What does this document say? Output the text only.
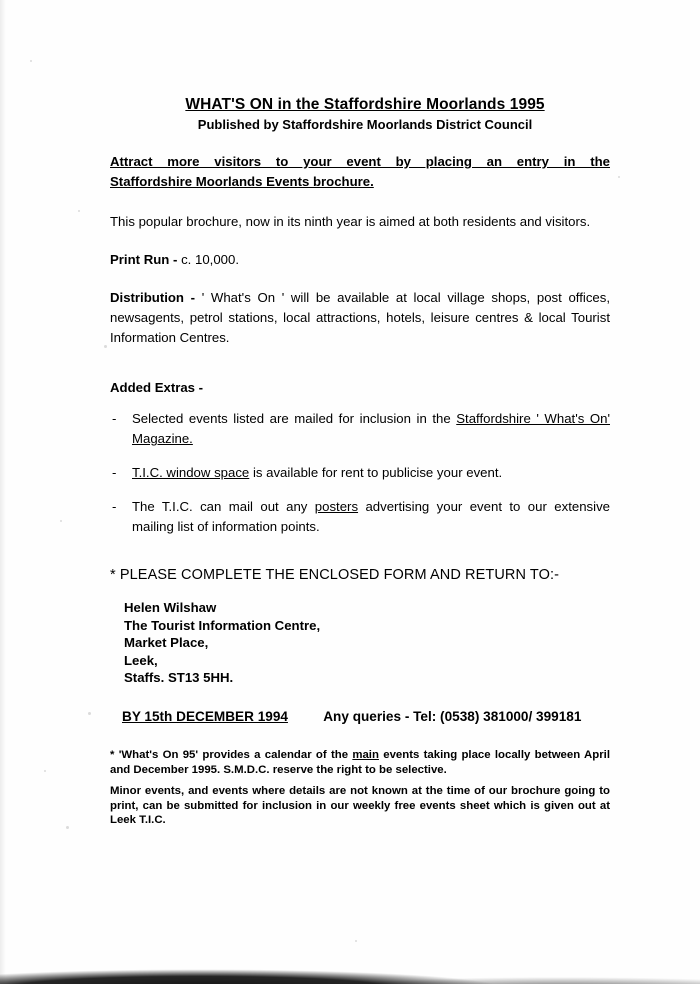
WHAT'S ON in the Staffordshire Moorlands 1995
Published by Staffordshire Moorlands District Council
Attract more visitors to your event by placing an entry in the
Staffordshire Moorlands Events brochure.

This popular brochure, now in its ninth year is aimed at both residents and visitors.

Print Run - c. 10,000.

Distribution - ' What's On ' will be available at local village shops, post offices, newsagents, petrol stations, local attractions, hotels, leisure centres & local Tourist Information Centres.

Added Extras -
- Selected events listed are mailed for inclusion in the Staffordshire ' What's On' Magazine.
- T.I.C. window space is available for rent to publicise your event.
- The T.I.C. can mail out any posters advertising your event to our extensive mailing list of information points.
* PLEASE COMPLETE THE ENCLOSED FORM AND RETURN TO:-
Helen Wilshaw
The Tourist Information Centre,
Market Place,
Leek,
Staffs. ST13 5HH.
BY 15th DECEMBER 1994	Any queries - Tel: (0538) 381000/ 399181

* 'What's On 95' provides a calendar of the main events taking place locally between April and December 1995. S.M.D.C. reserve the right to be selective.

Minor events, and events where details are not known at the time of our brochure going to print, can be submitted for inclusion in our weekly free events sheet which is given out at Leek T.I.C.
